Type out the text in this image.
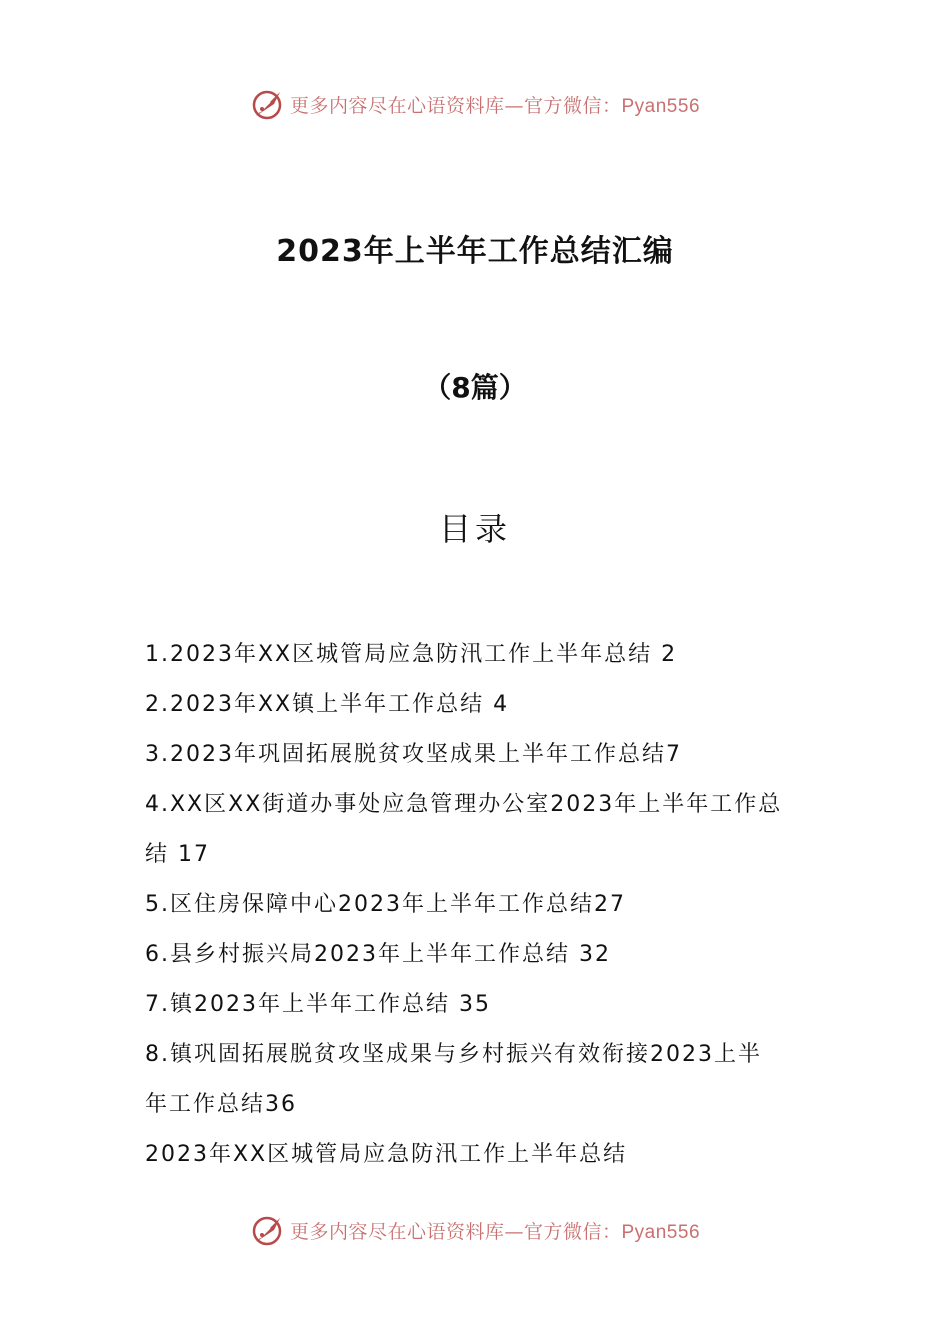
更多内容尽在心语资料库—官方微信：Pyan556
2023年上半年工作总结汇编
（8篇）
目录
1.2023年XX区城管局应急防汛工作上半年总结 2
2.2023年XX镇上半年工作总结 4
3.2023年巩固拓展脱贫攻坚成果上半年工作总结7
4.XX区XX街道办事处应急管理办公室2023年上半年工作总
结 17
5.区住房保障中心2023年上半年工作总结27
6.县乡村振兴局2023年上半年工作总结 32
7.镇2023年上半年工作总结 35
8.镇巩固拓展脱贫攻坚成果与乡村振兴有效衔接2023上半
年工作总结36
2023年XX区城管局应急防汛工作上半年总结
更多内容尽在心语资料库—官方微信：Pyan556
